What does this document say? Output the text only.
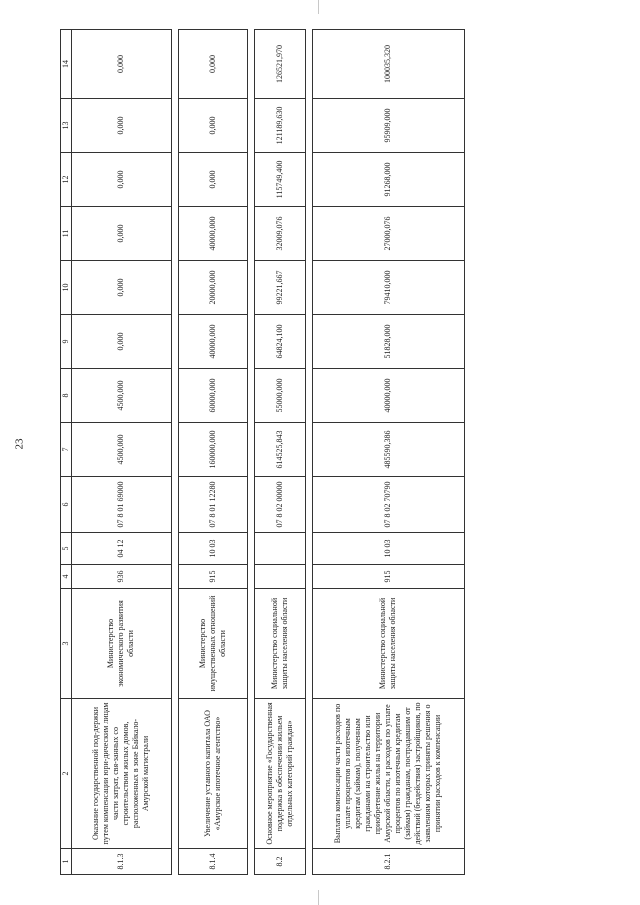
23
1	2	3	4	5	6	7	8	9	10	11	12	13	14
8.1.3	Оказание государственной под-держки путем компенсации юри-дическим лицам части затрат, свя-занных со строительством жилых домов, расположенных в зоне Байкало-Амурской магистрали	Министерство экономического развития области	936	04 12	07 8 01 69000	4500,000	4500,000	0,000	0,000	0,000	0,000	0,000	0,000

8.1.4	Увеличение уставного капитала ОАО «Амурское ипотечное агентство»	Министерство имущественных отношений области	915	10 03	07 8 01 12280	160000,000	60000,000	40000,000	20000,000	40000,000	0,000	0,000	0,000

8.2	Основное мероприятие «Государственная поддержка в обеспечении жильем отдельных категорий граждан»	Министерство социальной защиты населения области			07 8 02 00000	614525,843	55000,000	64824,100	99221,667	32009,076	115749,400	121189,630	126521,970

8.2.1	Выплата компенсации части расходов по уплате процентов по ипотечным кредитам (займам), полученным гражданами на строительство или приобретение жилья на территории Амурской области, и расходов по уплате процентов по ипотечным кредитам (займам) гражданам, пострадавшим от действий (бездействия) застройщиков, по заявлениям которых приняты решения о принятии расходов к компенсации	Министерство социальной защиты населения области	915	10 03	07 8 02 70790	485590,386	40000,000	51828,000	79410,000	27000,076	91268,000	95909,000	100035,320
